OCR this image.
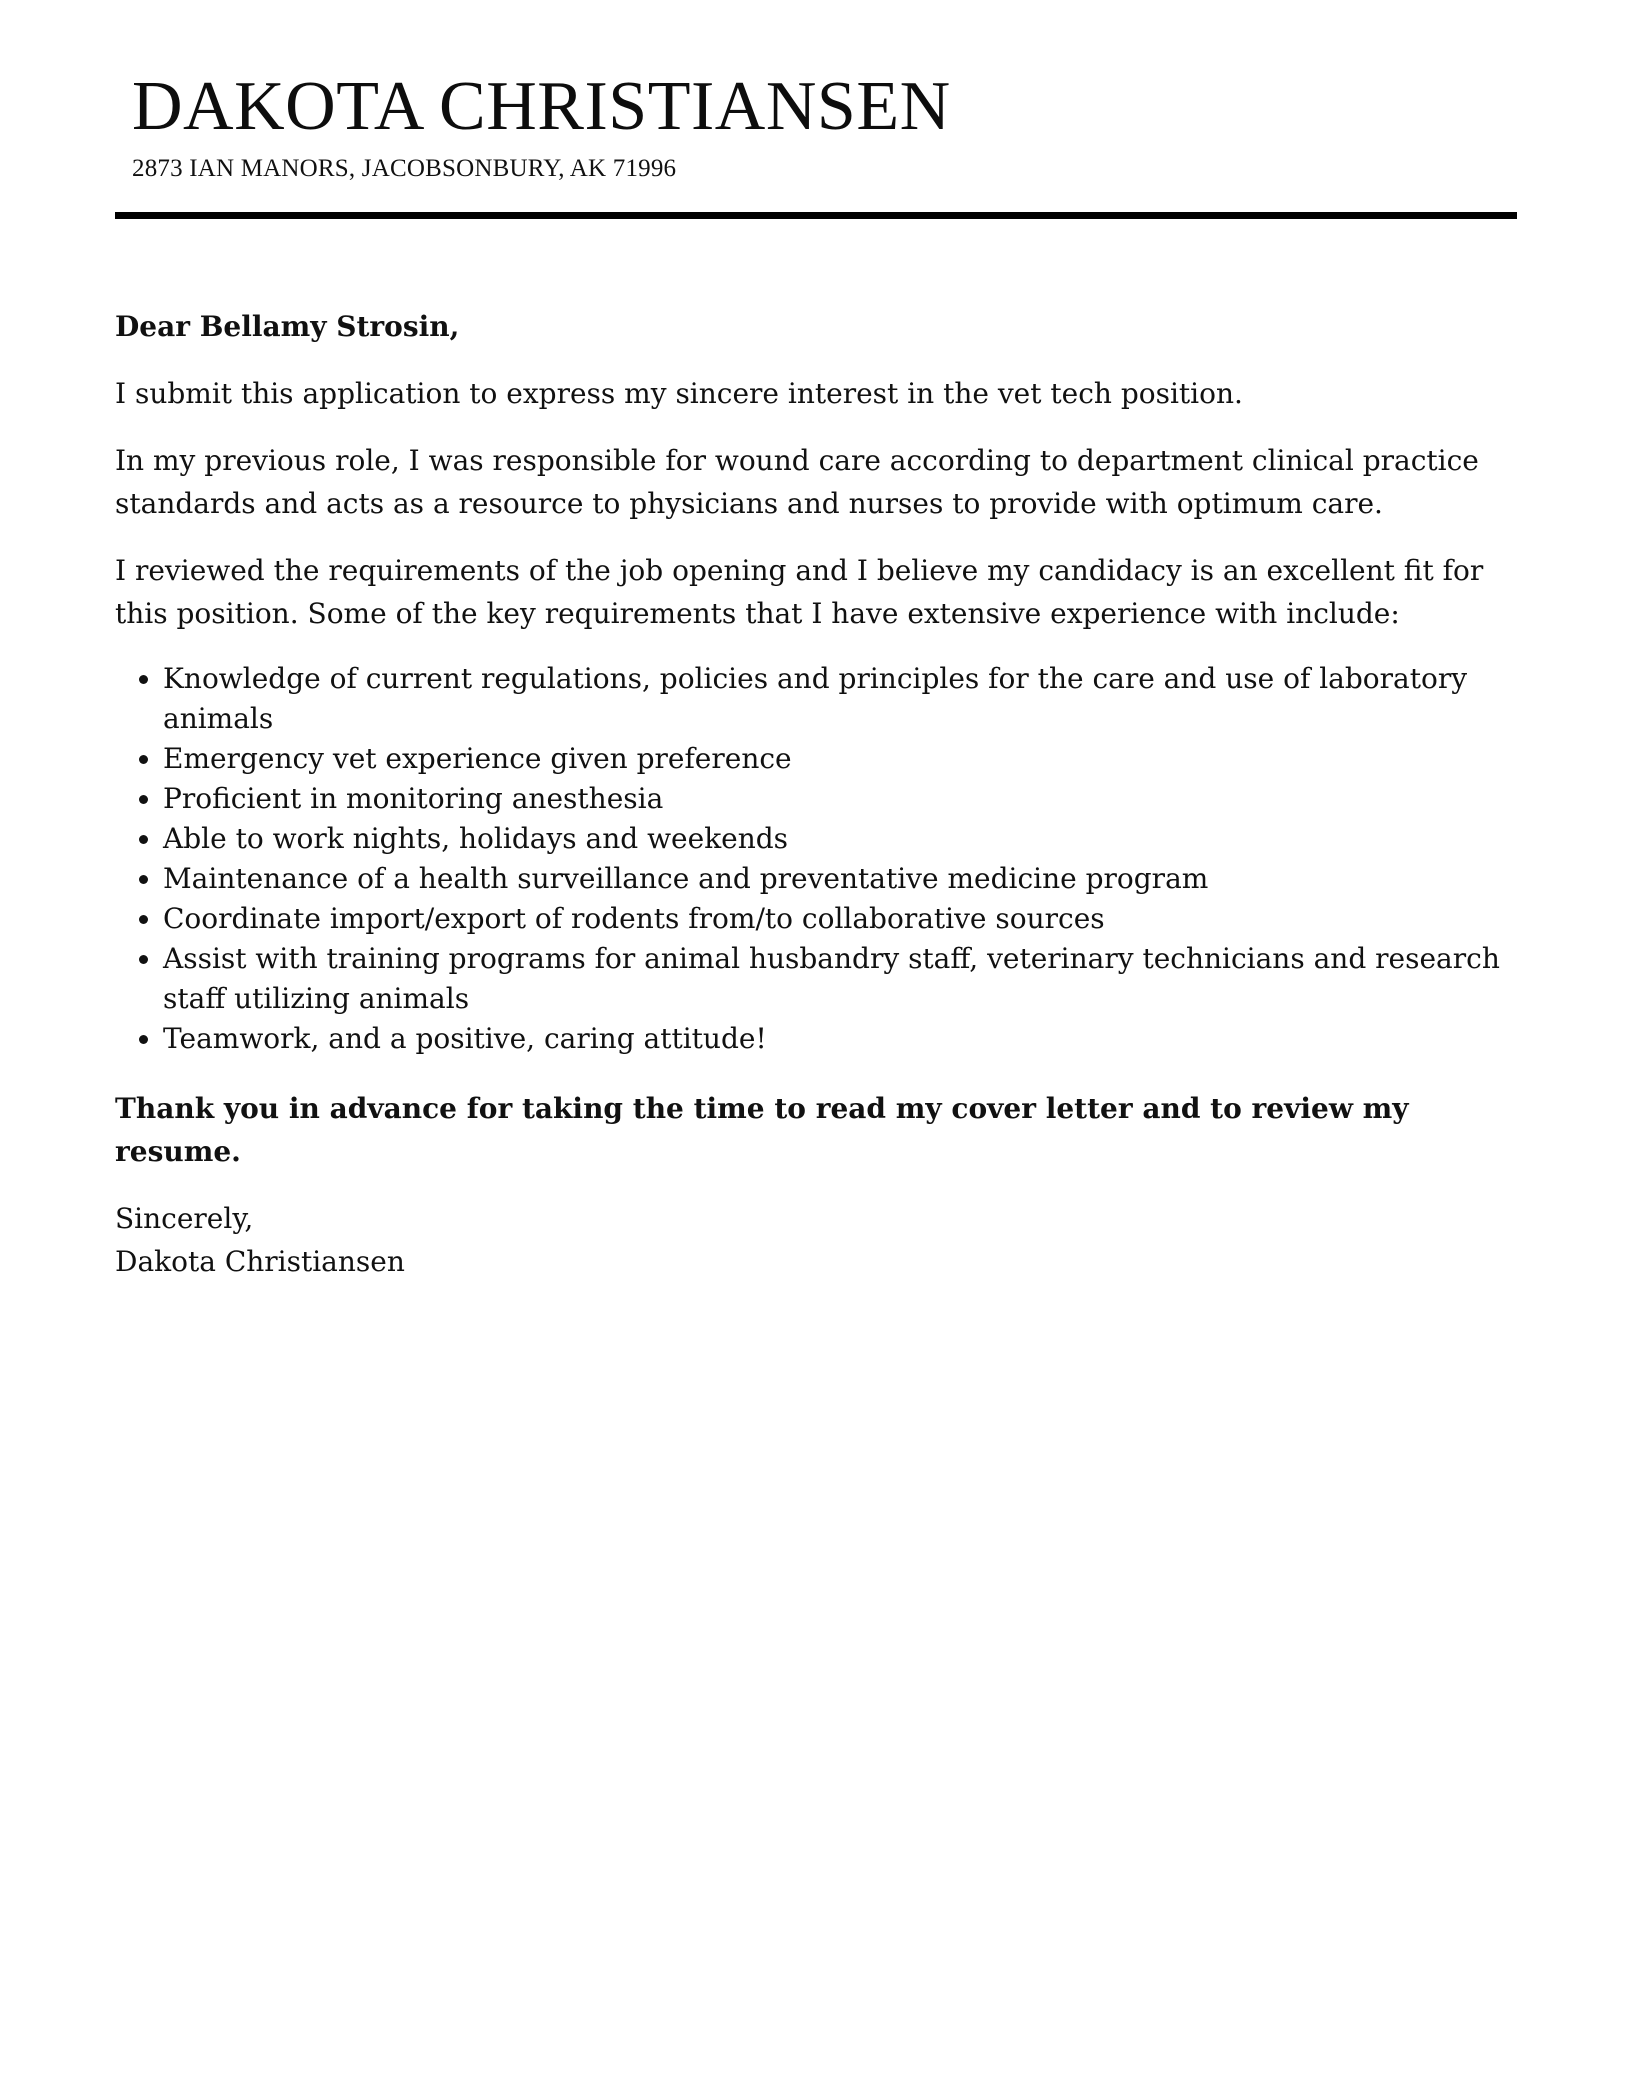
DAKOTA CHRISTIANSEN
2873 IAN MANORS, JACOBSONBURY, AK 71996

Dear Bellamy Strosin,

I submit this application to express my sincere interest in the vet tech position.

In my previous role, I was responsible for wound care according to department clinical practice standards and acts as a resource to physicians and nurses to provide with optimum care.

I reviewed the requirements of the job opening and I believe my candidacy is an excellent fit for this position. Some of the key requirements that I have extensive experience with include:

• Knowledge of current regulations, policies and principles for the care and use of laboratory animals
• Emergency vet experience given preference
• Proficient in monitoring anesthesia
• Able to work nights, holidays and weekends
• Maintenance of a health surveillance and preventative medicine program
• Coordinate import/export of rodents from/to collaborative sources
• Assist with training programs for animal husbandry staff, veterinary technicians and research staff utilizing animals
• Teamwork, and a positive, caring attitude!

Thank you in advance for taking the time to read my cover letter and to review my resume.

Sincerely,
Dakota Christiansen
